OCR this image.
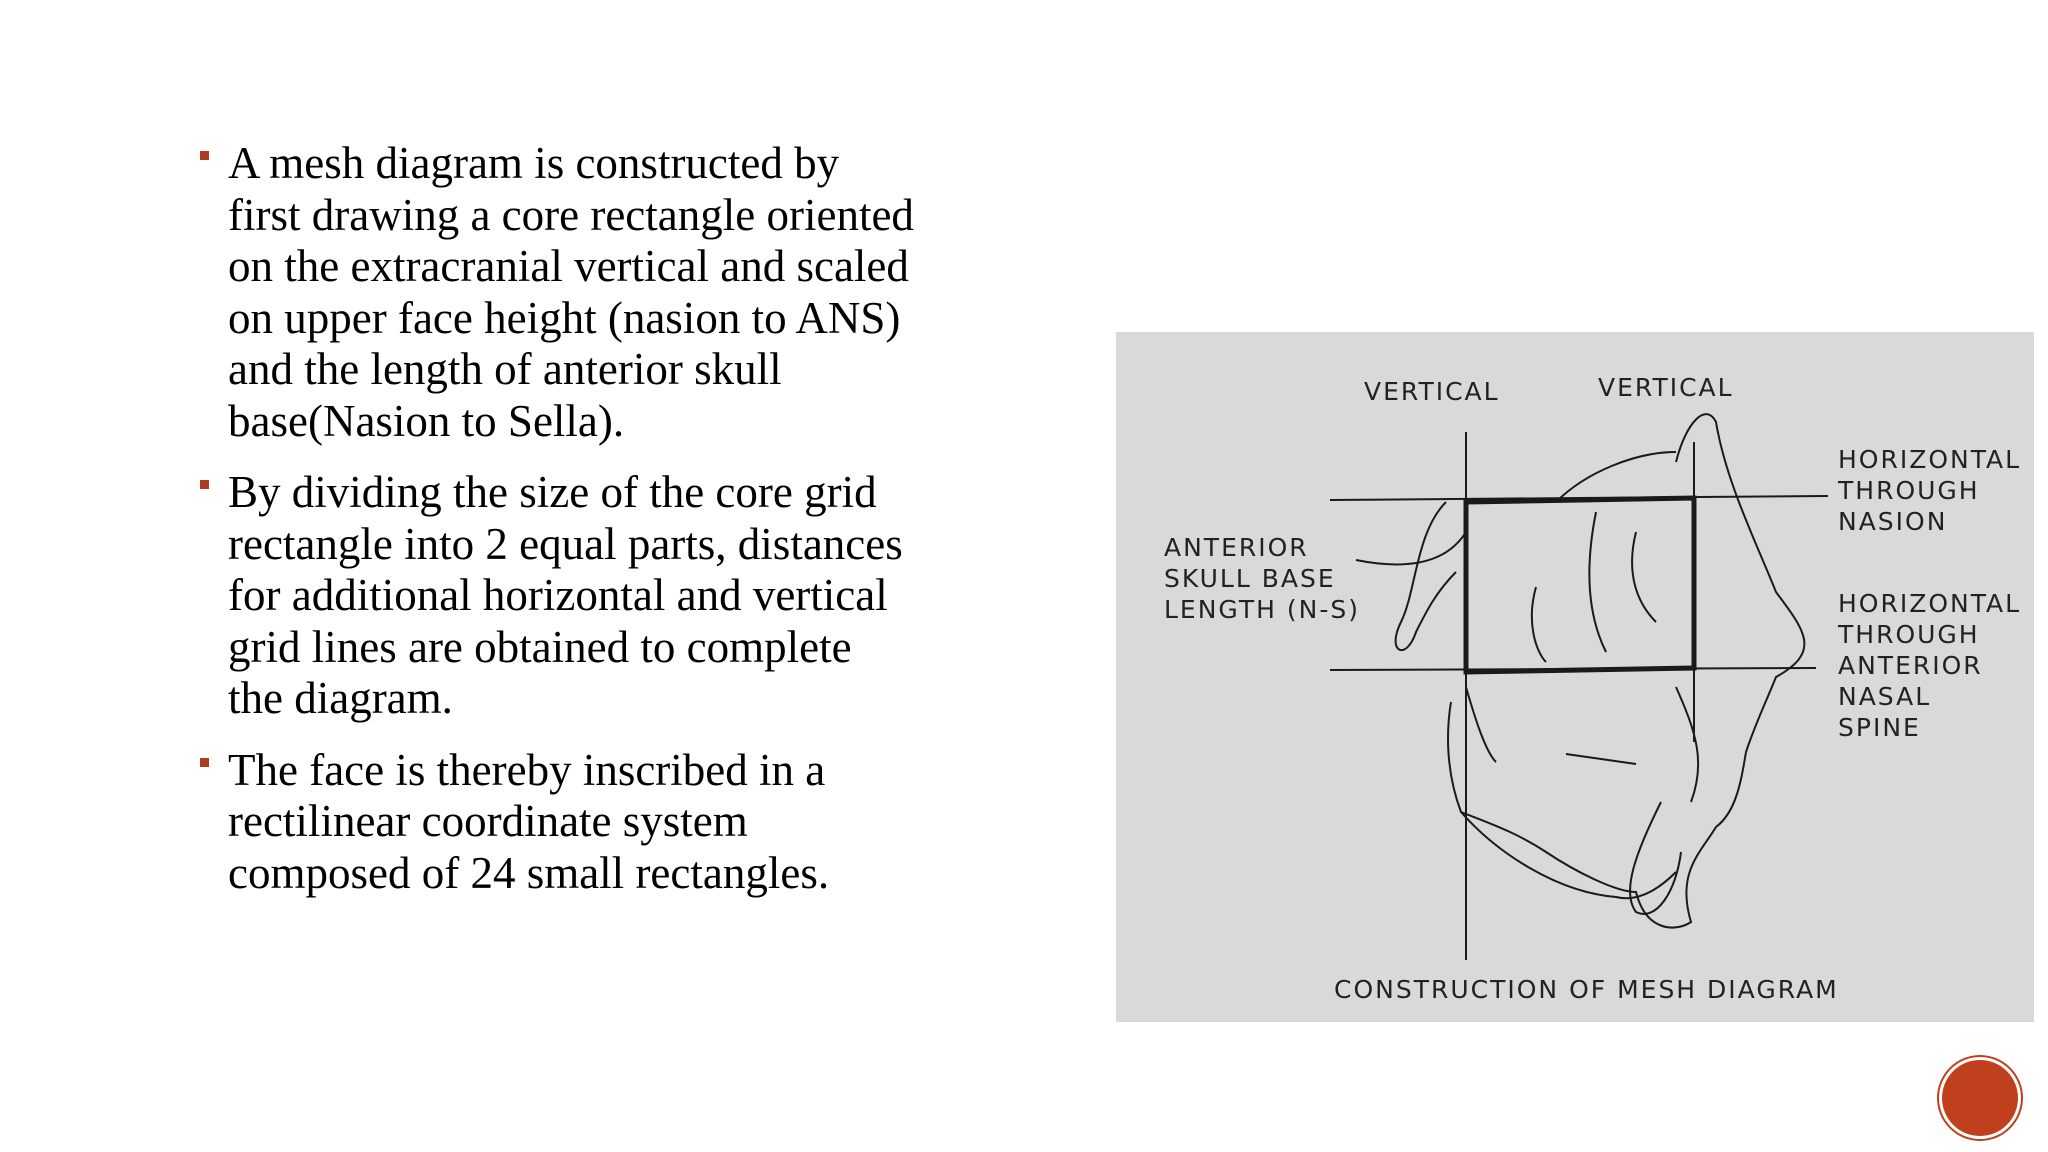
A mesh diagram is constructed by first drawing a core rectangle oriented on the extracranial vertical and scaled on upper face height (nasion to ANS) and the length of anterior skull base(Nasion to Sella).
By dividing the size of the core grid rectangle into 2 equal parts, distances for additional horizontal and vertical grid lines are obtained to complete the diagram.
The face is thereby inscribed in a rectilinear coordinate system composed of 24 small rectangles.
VERTICAL	VERTICAL
HORIZONTAL
THROUGH
NASION
ANTERIOR
SKULL BASE
LENGTH (N-S)	HORIZONTAL
THROUGH
ANTERIOR
NASAL
SPINE
CONSTRUCTION OF MESH DIAGRAM
